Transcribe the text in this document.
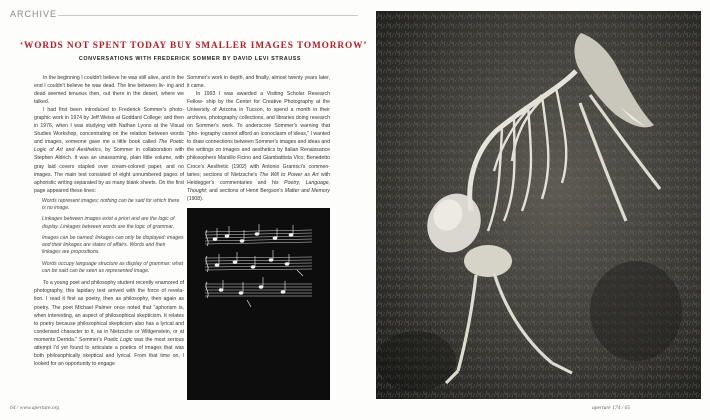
ARCHIVE
‘WORDS NOT SPENT TODAY BUY SMALLER IMAGES TOMORROW’
CONVERSATIONS WITH FREDERICK SOMMER BY DAVID LEVI STRAUSS

In the beginning I couldn't believe he was still alive, and in the end I couldn't believe he was dead. The line between liv- ing and dead seemed tenuous then, out there in the desert, where we talked.

I had first been introduced to Frederick Sommer's photo- graphic work in 1974 by Jeff Weiss at Goddard College; and then in 1976, when I was studying with Nathan Lyons at the Visual Studies Workshop, concentrating on the relation between words and images, someone gave me a little book called The Poetic Logic of Art and Aesthetics, by Sommer in collaboration with Stephen Aldrich. It was an unassuming, plain little volume, with gray laid covers stapled over cream-colored paper, and no images. The main text consisted of eight unnumbered pages of aphoristic writing separated by as many blank sheets. On the first page appeared these lines:

Words represent images; nothing can be said for which there is no image.
Linkages between images exist a priori and are the logic of display. Linkages between words are the logic of grammar.
Images can be named; linkages can only be displayed: images and their linkages are states of affairs. Words and their linkages are propositions.
Words occupy language structure as display of grammar: what can be said can be seen as represented image.

To a young poet and philosophy student recently enamored of photography, this lapidary text arrived with the force of revela- tion. I read it first as poetry, then as philosophy, then again as poetry. The poet Michael Palmer once noted that "aphorism is, when interesting, an aspect of philosophical skepticism. It relates to poetry because philosophical skepticism also has a lyrical and condensed character to it, as in Nietzsche or Wittgenstein, or at moments Derrida." Sommer's Poetic Logic was the most serious attempt I'd yet found to articulate a poetics of images that was both philosophically skeptical and lyrical. From that time on, I looked for an opportunity to engage

Sommer's work in depth, and finally, almost twenty years later, it came.

In 1993 I was awarded a Visiting Scholar Research Fellow- ship by the Center for Creative Photography at the University of Arizona in Tucson, to spend a month in their archives, photography collections, and libraries doing research on Sommer's work. To underscore Sommer's warning that "pho- tography cannot afford an iconoclasm of ideas," I wanted to draw connections between Sommer's images and ideas and the writings on images and aesthetics by Italian Renaissance philosophers Marsilio Ficino and Giambattista Vico; Benedetto Croce's Aesthetic (1902) with Antonio Gramsci's commen- taries; sections of Nietzsche's The Will to Power as Art with Heidegger's commentaries and his Poetry, Language, Thought; and sections of Henri Bergson's Matter and Memory (1908).

64 / www.aperture.org	aperture 174 / 65
